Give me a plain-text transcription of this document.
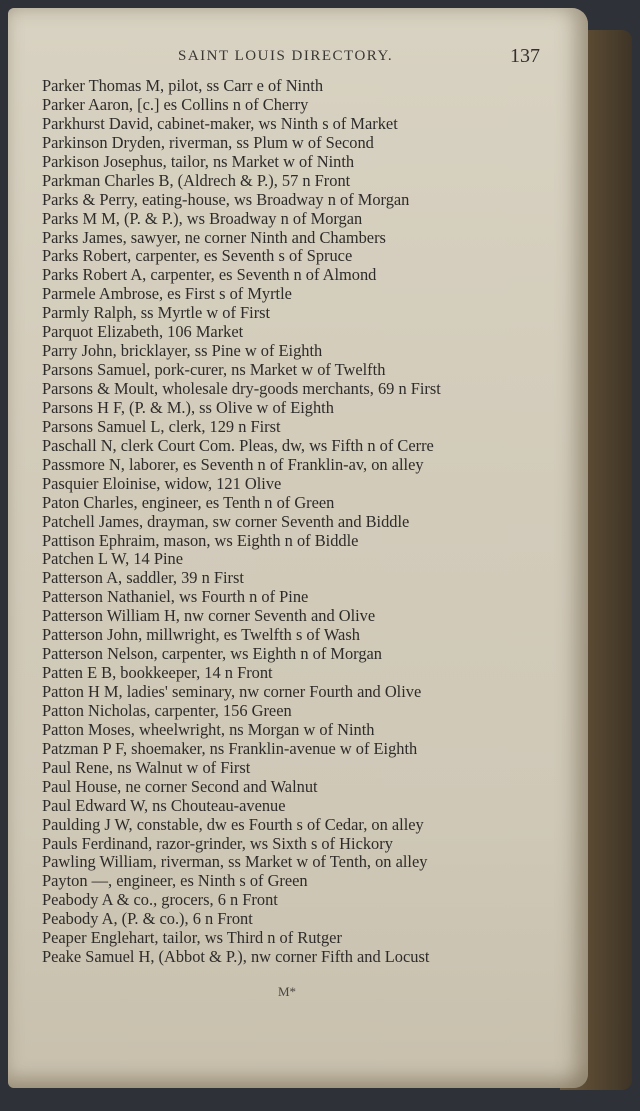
SAINT LOUIS DIRECTORY.	137
Parker Thomas M, pilot, ss Carr e of Ninth
Parker Aaron, [c.] es Collins n of Cherry
Parkhurst David, cabinet-maker, ws Ninth s of Market
Parkinson Dryden, riverman, ss Plum w of Second
Parkison Josephus, tailor, ns Market w of Ninth
Parkman Charles B, (Aldrech & P.), 57 n Front
Parks & Perry, eating-house, ws Broadway n of Morgan
Parks M M, (P. & P.), ws Broadway n of Morgan
Parks James, sawyer, ne corner Ninth and Chambers
Parks Robert, carpenter, es Seventh s of Spruce
Parks Robert A, carpenter, es Seventh n of Almond
Parmele Ambrose, es First s of Myrtle
Parmly Ralph, ss Myrtle w of First
Parquot Elizabeth, 106 Market
Parry John, bricklayer, ss Pine w of Eighth
Parsons Samuel, pork-curer, ns Market w of Twelfth
Parsons & Moult, wholesale dry-goods merchants, 69 n First
Parsons H F, (P. & M.), ss Olive w of Eighth
Parsons Samuel L, clerk, 129 n First
Paschall N, clerk Court Com. Pleas, dw, ws Fifth n of Cerre
Passmore N, laborer, es Seventh n of Franklin-av, on alley
Pasquier Eloinise, widow, 121 Olive
Paton Charles, engineer, es Tenth n of Green
Patchell James, drayman, sw corner Seventh and Biddle
Pattison Ephraim, mason, ws Eighth n of Biddle
Patchen L W, 14 Pine
Patterson A, saddler, 39 n First
Patterson Nathaniel, ws Fourth n of Pine
Patterson William H, nw corner Seventh and Olive
Patterson John, millwright, es Twelfth s of Wash
Patterson Nelson, carpenter, ws Eighth n of Morgan
Patten E B, bookkeeper, 14 n Front
Patton H M, ladies' seminary, nw corner Fourth and Olive
Patton Nicholas, carpenter, 156 Green
Patton Moses, wheelwright, ns Morgan w of Ninth
Patzman P F, shoemaker, ns Franklin-avenue w of Eighth
Paul Rene, ns Walnut w of First
Paul House, ne corner Second and Walnut
Paul Edward W, ns Chouteau-avenue
Paulding J W, constable, dw es Fourth s of Cedar, on alley
Pauls Ferdinand, razor-grinder, ws Sixth s of Hickory
Pawling William, riverman, ss Market w of Tenth, on alley
Payton —, engineer, es Ninth s of Green
Peabody A & co., grocers, 6 n Front
Peabody A, (P. & co.), 6 n Front
Peaper Englehart, tailor, ws Third n of Rutger
Peake Samuel H, (Abbot & P.), nw corner Fifth and Locust
M*
